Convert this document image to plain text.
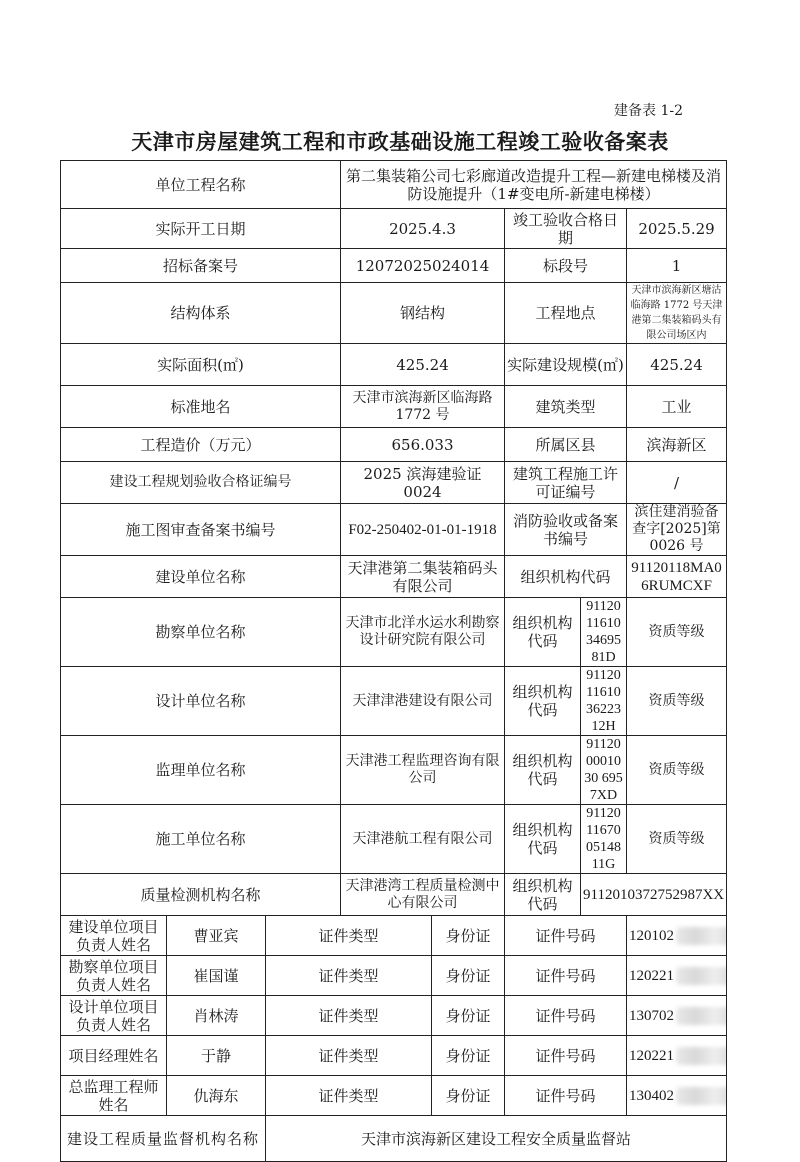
建备表 1-2
天津市房屋建筑工程和市政基础设施工程竣工验收备案表
单位工程名称			第二集装箱公司七彩廊道改造提升工程—新建电梯楼及消防设施提升（1#变电所-新建电梯楼）					
实际开工日期			2025.4.3		竣工验收合格日期		2025.5.29	
招标备案号			12072025024014		标段号		1	
结构体系			钢结构		工程地点		天津市滨海新区塘沽临海路 1772 号天津港第二集装箱码头有限公司场区内	
实际面积(㎡)			425.24		实际建设规模(㎡)		425.24	
标准地名			天津市滨海新区临海路 1772 号		建筑类型		工业	
工程造价（万元）			656.033		所属区县		滨海新区	
建设工程规划验收合格证编号			2025 滨海建验证 0024		建筑工程施工许可证编号		/	
施工图审查备案书编号			F02-250402-01-01-1918		消防验收或备案书编号		滨住建消验备查字[2025]第 0026 号	
建设单位名称			天津港第二集装箱码头有限公司		组织机构代码		91120118MA06RUMCXF	
勘察单位名称			天津市北洋水运水利勘察设计研究院有限公司		组织机构代码	91120116103469581D	资质等级	
设计单位名称			天津津港建设有限公司		组织机构代码	91120116103622312H	资质等级	
监理单位名称			天津港工程监理咨询有限公司		组织机构代码	911200001030 6957XD	资质等级	
施工单位名称			天津港航工程有限公司		组织机构代码	91120116700514811G	资质等级	
质量检测机构名称			天津港湾工程质量检测中心有限公司		组织机构代码	9112010372752987XX		
建设单位项目负责人姓名	曹亚宾	证件类型		身份证	证件号码		120102	
勘察单位项目负责人姓名	崔国谨	证件类型		身份证	证件号码		120221	
设计单位项目负责人姓名	肖林涛	证件类型		身份证	证件号码		130702	
项目经理姓名	于静	证件类型		身份证	证件号码		120221	
总监理工程师姓名	仇海东	证件类型		身份证	证件号码		130402	
建设工程质量监督机构名称		天津市滨海新区建设工程安全质量监督站						
